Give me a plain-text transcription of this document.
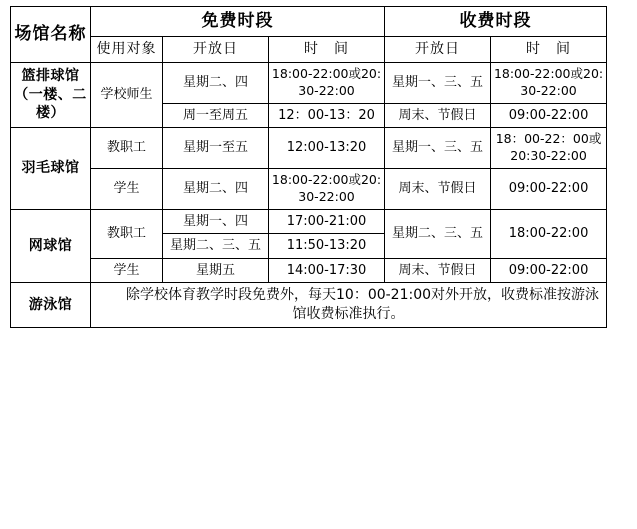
场馆名称	免费时段			收费时段	
	使用对象	开放日	时　间	开放日	时　间
篮排球馆（一楼、二楼）	学校师生	星期二、四	18:00-22:00或20:30-22:00	星期一、三、五	18:00-22:00或20:30-22:00
		周一至周五	12：00-13：20	周末、节假日	09:00-22:00
羽毛球馆	教职工	星期一至五	12:00-13:20	星期一、三、五	18：00-22：00或20:30-22:00
	学生	星期二、四	18:00-22:00或20:30-22:00	周末、节假日	09:00-22:00
网球馆	教职工	星期一、四	17:00-21:00	星期二、三、五	18:00-22:00
		星期二、三、五	11:50-13:20		
	学生	星期五	14:00-17:30	周末、节假日	09:00-22:00
游泳馆	除学校体育教学时段免费外，每天10：00-21:00对外开放，收费标准按游泳馆收费标准执行。				
